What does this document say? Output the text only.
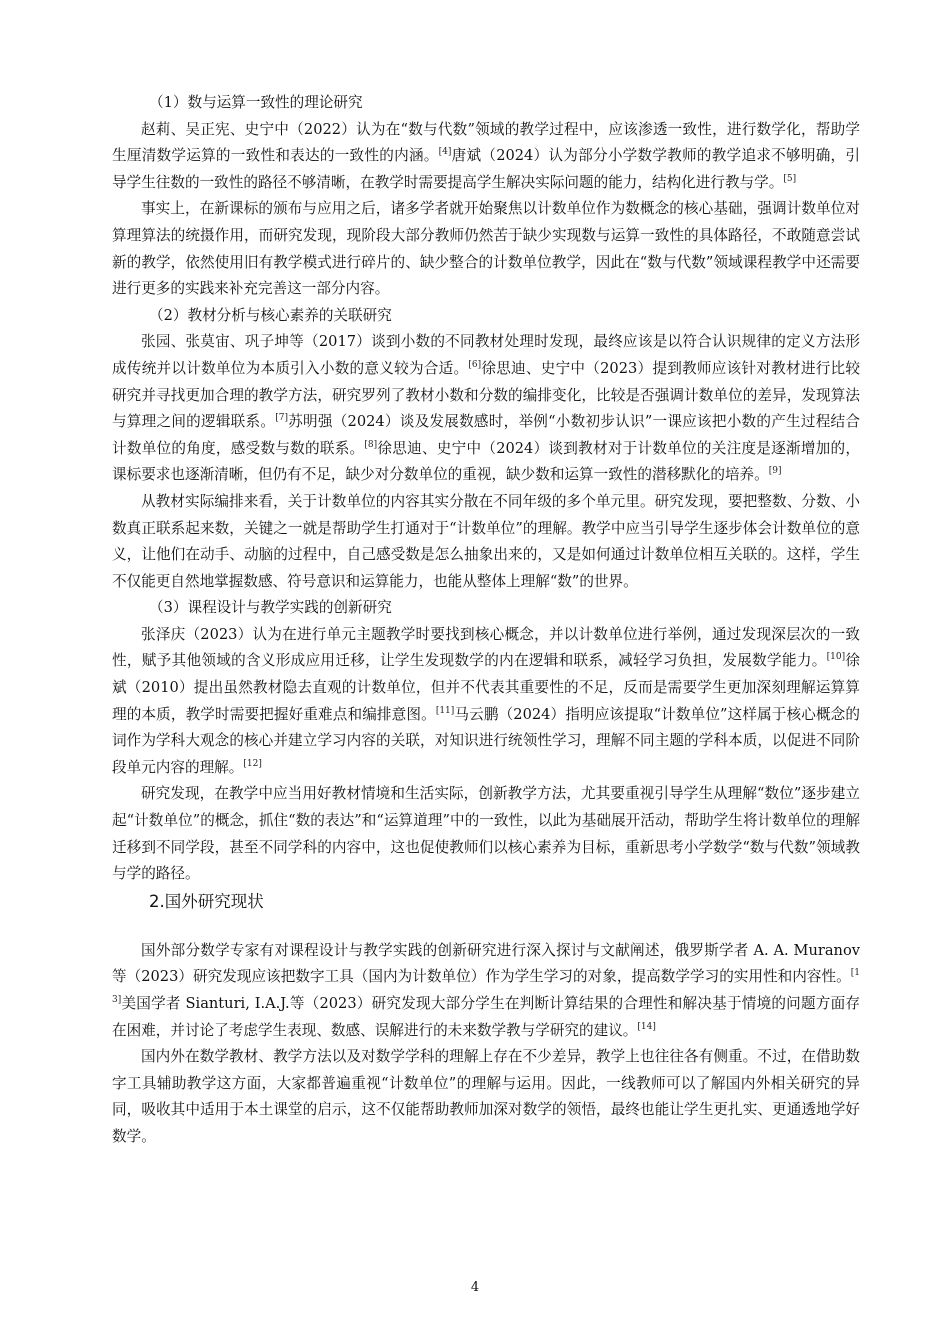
（1）数与运算一致性的理论研究

赵莉、吴正宪、史宁中（2022）认为在“数与代数”领域的教学过程中，应该渗透一致性，进行数学化，帮助学生厘清数学运算的一致性和表达的一致性的内涵。[4]唐斌（2024）认为部分小学数学教师的教学追求不够明确，引导学生往数的一致性的路径不够清晰，在教学时需要提高学生解决实际问题的能力，结构化进行教与学。[5]

事实上，在新课标的颁布与应用之后，诸多学者就开始聚焦以计数单位作为数概念的核心基础，强调计数单位对算理算法的统摄作用，而研究发现，现阶段大部分教师仍然苦于缺少实现数与运算一致性的具体路径，不敢随意尝试新的教学，依然使用旧有教学模式进行碎片的、缺少整合的计数单位教学，因此在“数与代数”领域课程教学中还需要进行更多的实践来补充完善这一部分内容。

（2）教材分析与核心素养的关联研究

张园、张莫宙、巩子坤等（2017）谈到小数的不同教材处理时发现，最终应该是以符合认识规律的定义方法形成传统并以计数单位为本质引入小数的意义较为合适。[6]徐思迪、史宁中（2023）提到教师应该针对教材进行比较研究并寻找更加合理的教学方法，研究罗列了教材小数和分数的编排变化，比较是否强调计数单位的差异，发现算法与算理之间的逻辑联系。[7]苏明强（2024）谈及发展数感时，举例“小数初步认识”一课应该把小数的产生过程结合计数单位的角度，感受数与数的联系。[8]徐思迪、史宁中（2024）谈到教材对于计数单位的关注度是逐渐增加的，课标要求也逐渐清晰，但仍有不足，缺少对分数单位的重视，缺少数和运算一致性的潜移默化的培养。[9]

从教材实际编排来看，关于计数单位的内容其实分散在不同年级的多个单元里。研究发现，要把整数、分数、小数真正联系起来数，关键之一就是帮助学生打通对于“计数单位”的理解。教学中应当引导学生逐步体会计数单位的意义，让他们在动手、动脑的过程中，自己感受数是怎么抽象出来的，又是如何通过计数单位相互关联的。这样，学生不仅能更自然地掌握数感、符号意识和运算能力，也能从整体上理解“数”的世界。

（3）课程设计与教学实践的创新研究

张泽庆（2023）认为在进行单元主题教学时要找到核心概念，并以计数单位进行举例，通过发现深层次的一致性，赋予其他领域的含义形成应用迁移，让学生发现数学的内在逻辑和联系，减轻学习负担，发展数学能力。[10]徐斌（2010）提出虽然教材隐去直观的计数单位，但并不代表其重要性的不足，反而是需要学生更加深刻理解运算算理的本质，教学时需要把握好重难点和编排意图。[11]马云鹏（2024）指明应该提取“计数单位”这样属于核心概念的词作为学科大观念的核心并建立学习内容的关联，对知识进行统领性学习，理解不同主题的学科本质，以促进不同阶段单元内容的理解。[12]

研究发现，在教学中应当用好教材情境和生活实际，创新教学方法，尤其要重视引导学生从理解“数位”逐步建立起“计数单位”的概念，抓住“数的表达”和“运算道理”中的一致性，以此为基础展开活动，帮助学生将计数单位的理解迁移到不同学段，甚至不同学科的内容中，这也促使教师们以核心素养为目标，重新思考小学数学“数与代数”领域教与学的路径。

2.国外研究现状

国外部分数学专家有对课程设计与教学实践的创新研究进行深入探讨与文献阐述，俄罗斯学者 A. A. Muranov 等（2023）研究发现应该把数字工具（国内为计数单位）作为学生学习的对象，提高数学学习的实用性和内容性。[13]美国学者 Sianturi, I.A.J.等（2023）研究发现大部分学生在判断计算结果的合理性和解决基于情境的问题方面存在困难，并讨论了考虑学生表现、数感、误解进行的未来数学教与学研究的建议。[14]

国内外在数学教材、教学方法以及对数学学科的理解上存在不少差异，教学上也往往各有侧重。不过，在借助数字工具辅助教学这方面，大家都普遍重视“计数单位”的理解与运用。因此，一线教师可以了解国内外相关研究的异同，吸收其中适用于本土课堂的启示，这不仅能帮助教师加深对数学的领悟，最终也能让学生更扎实、更通透地学好数学。

4
